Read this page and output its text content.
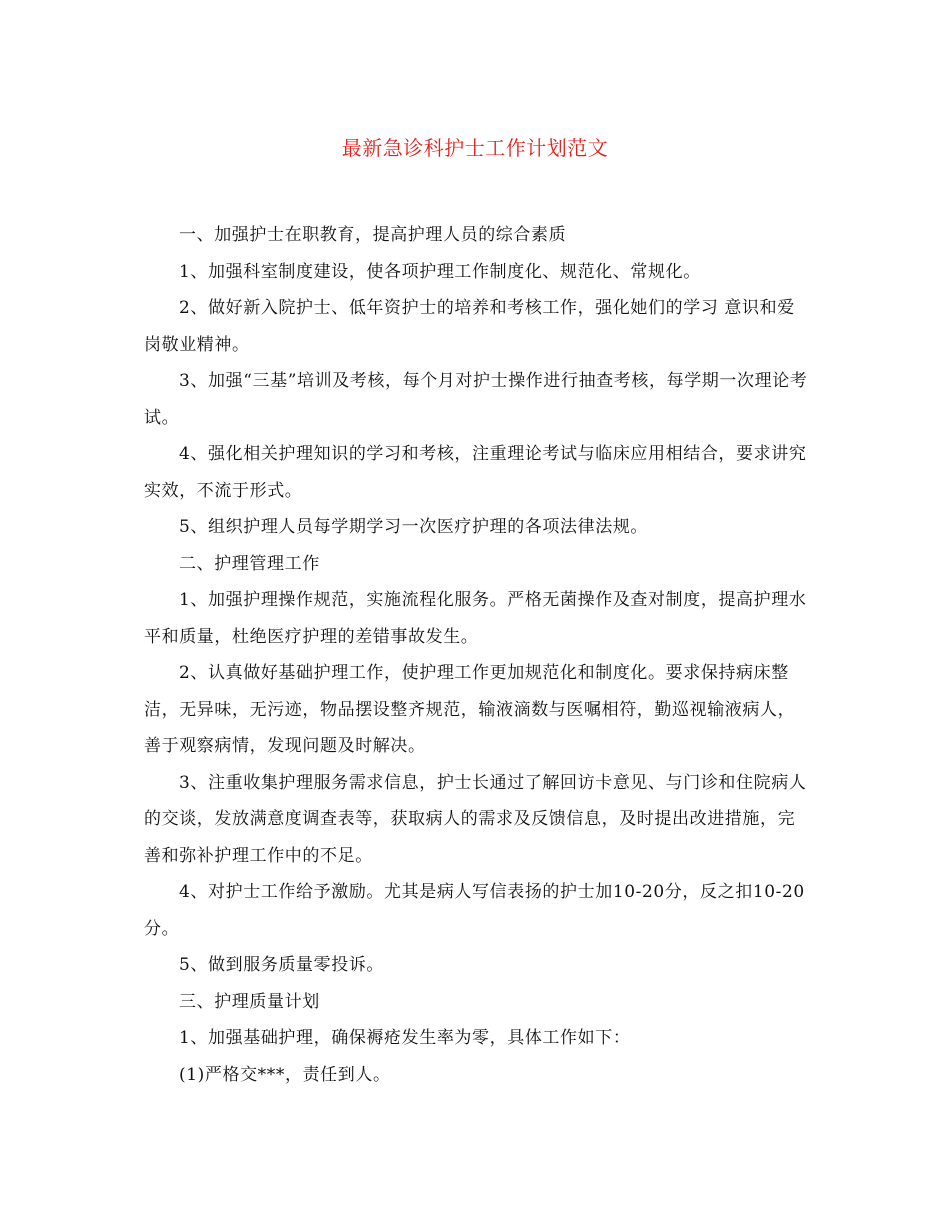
最新急诊科护士工作计划范文

一、加强护士在职教育，提高护理人员的综合素质

1、加强科室制度建设，使各项护理工作制度化、规范化、常规化。

2、做好新入院护士、低年资护士的培养和考核工作，强化她们的学习 意识和爱 岗敬业精神。

3、加强“三基”培训及考核，每个月对护士操作进行抽查考核，每学期一次理论考试。

4、强化相关护理知识的学习和考核，注重理论考试与临床应用相结合，要求讲究实效，不流于形式。

5、组织护理人员每学期学习一次医疗护理的各项法律法规。

二、护理管理工作

1、加强护理操作规范，实施流程化服务。严格无菌操作及查对制度，提高护理水平和质量，杜绝医疗护理的差错事故发生。

2、认真做好基础护理工作，使护理工作更加规范化和制度化。要求保持病床整洁，无异味，无污迹，物品摆设整齐规范，输液滴数与医嘱相符，勤巡视输液病人，善于观察病情，发现问题及时解决。

3、注重收集护理服务需求信息，护士长通过了解回访卡意见、与门诊和住院病人的交谈，发放满意度调查表等，获取病人的需求及反馈信息，及时提出改进措施，完善和弥补护理工作中的不足。

4、对护士工作给予激励。尤其是病人写信表扬的护士加10-20分，反之扣10-20分。

5、做到服务质量零投诉。

三、护理质量计划

1、加强基础护理，确保褥疮发生率为零，具体工作如下：

(1)严格交***，责任到人。
